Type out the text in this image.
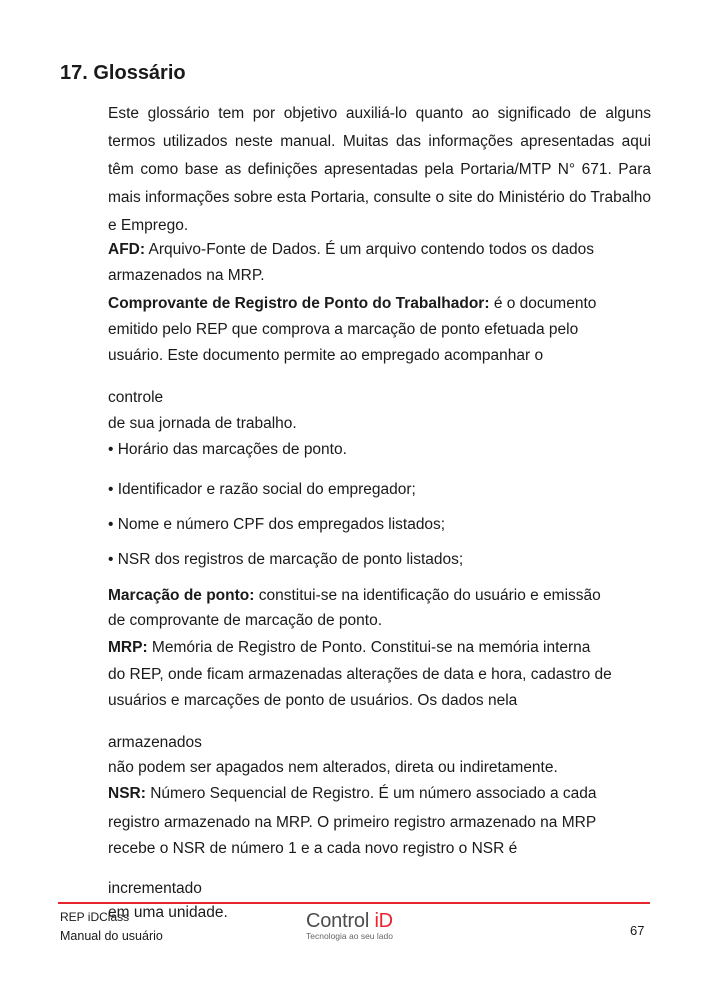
17. Glossário
Este glossário tem por objetivo auxiliá-lo quanto ao significado de alguns termos utilizados neste manual. Muitas das informações apresentadas aqui têm como base as definições apresentadas pela Portaria/MTP N° 671. Para mais informações sobre esta Portaria, consulte o site do Ministério do Trabalho e Emprego.
AFD: Arquivo-Fonte de Dados. É um arquivo contendo todos os dados
armazenados na MRP.
Comprovante de Registro de Ponto do Trabalhador: é o documento
emitido pelo REP que comprova a marcação de ponto efetuada pelo
usuário. Este documento permite ao empregado acompanhar o
controle
de sua jornada de trabalho.
• Horário das marcações de ponto.
• Identificador e razão social do empregador;
• Nome e número CPF dos empregados listados;
• NSR dos registros de marcação de ponto listados;
Marcação de ponto: constitui-se na identificação do usuário e emissão
de comprovante de marcação de ponto.
MRP: Memória de Registro de Ponto. Constitui-se na memória interna
do REP, onde ficam armazenadas alterações de data e hora, cadastro de
usuários e marcações de ponto de usuários. Os dados nela
armazenados
não podem ser apagados nem alterados, direta ou indiretamente.
NSR: Número Sequencial de Registro. É um número associado a cada
registro armazenado na MRP. O primeiro registro armazenado na MRP
recebe o NSR de número 1 e a cada novo registro o NSR é
incrementado
em uma unidade.
REP iDClass
Manual do usuário
Control iD
Tecnologia ao seu lado	67
